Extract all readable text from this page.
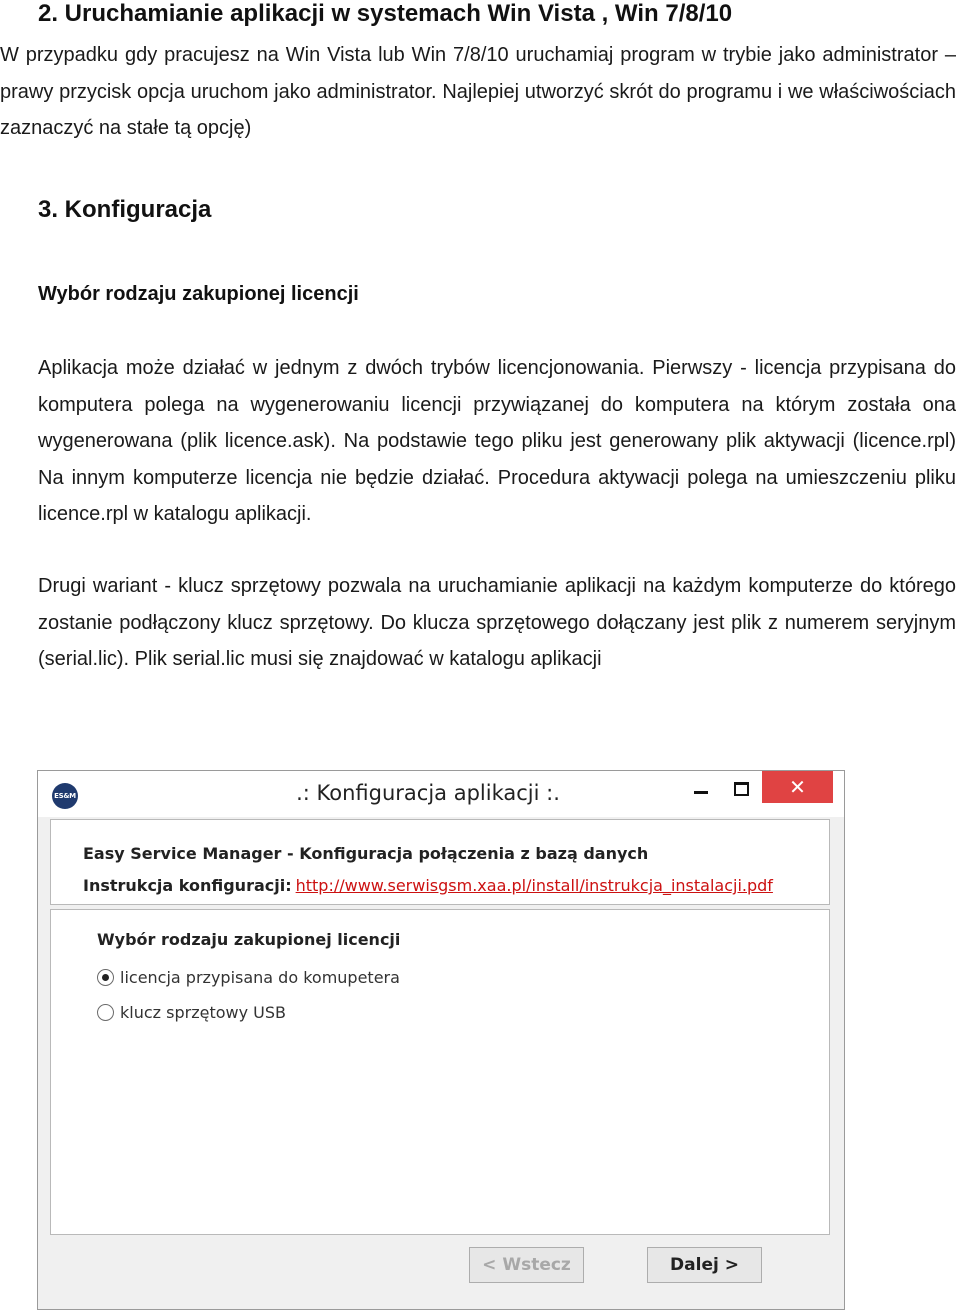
2. Uruchamianie aplikacji w systemach Win Vista , Win 7/8/10

W przypadku gdy pracujesz na Win Vista lub Win 7/8/10 uruchamiaj program w trybie jako administrator – prawy przycisk opcja uruchom jako administrator. Najlepiej utworzyć skrót do programu i we właściwościach zaznaczyć na stałe tą opcję)

3. Konfiguracja
Wybór rodzaju zakupionej licencji

Aplikacja może działać w jednym z dwóch trybów licencjonowania. Pierwszy - licencja przypisana do komputera polega na wygenerowaniu licencji przywiązanej do komputera na którym została ona wygenerowana (plik licence.ask). Na podstawie tego pliku jest generowany plik aktywacji (licence.rpl) Na innym komputerze licencja nie będzie działać. Procedura aktywacji polega na umieszczeniu pliku licence.rpl w katalogu aplikacji.

Drugi wariant - klucz sprzętowy pozwala na uruchamianie aplikacji na każdym komputerze do którego zostanie podłączony klucz sprzętowy. Do klucza sprzętowego dołączany jest plik z numerem seryjnym (serial.lic). Plik serial.lic musi się znajdować w katalogu aplikacji

ES&M	.: Konfiguracja aplikacji :.	✕
Easy Service Manager - Konfiguracja połączenia z bazą danych
Instrukcja konfiguracji: http://www.serwisgsm.xaa.pl/install/instrukcja_instalacji.pdf
Wybór rodzaju zakupionej licencji
licencja przypisana do komupetera
klucz sprzętowy USB
< Wstecz	Dalej >
